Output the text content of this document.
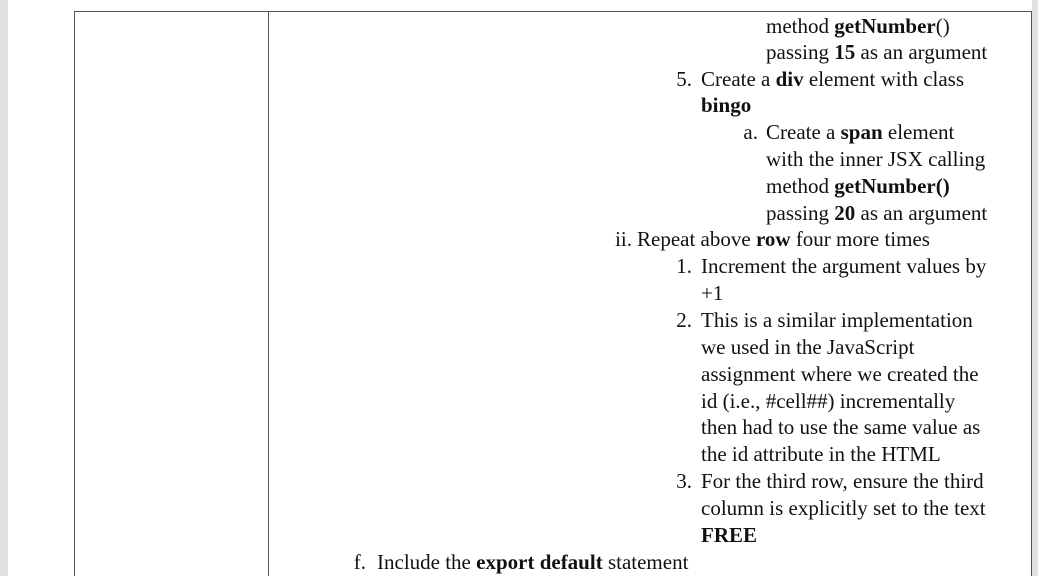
method getNumber()
passing 15 as an argument
5. Create a div element with class
bingo
a. Create a span element
with the inner JSX calling
method getNumber()
passing 20 as an argument
ii. Repeat above row four more times
1. Increment the argument values by
+1
2. This is a similar implementation
we used in the JavaScript
assignment where we created the
id (i.e., #cell##) incrementally
then had to use the same value as
the id attribute in the HTML
3. For the third row, ensure the third
column is explicitly set to the text
FREE
f. Include the export default statement
